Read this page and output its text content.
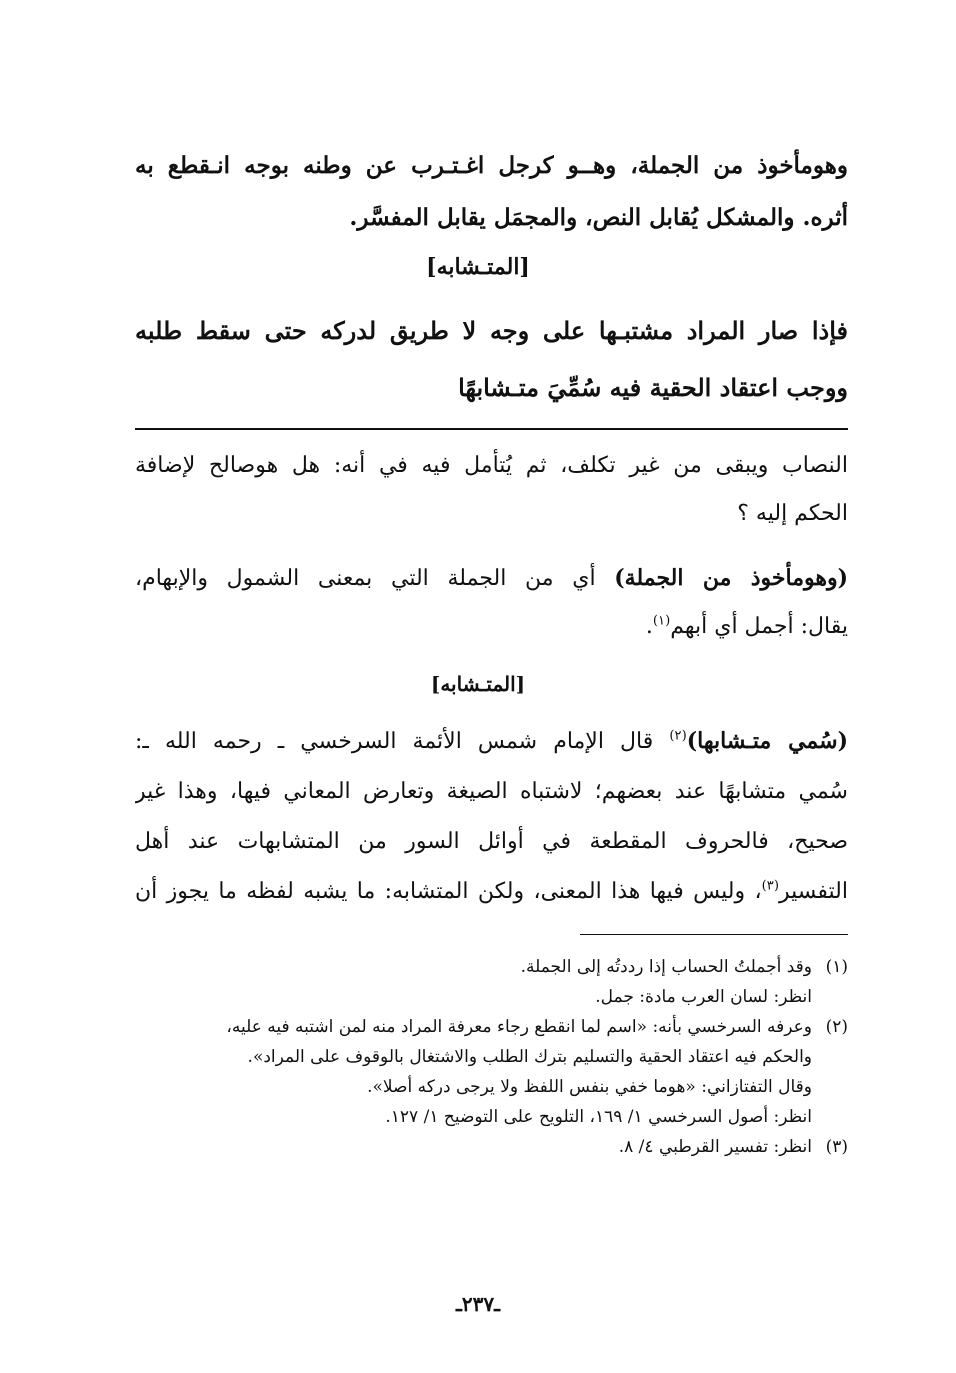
وهومأخوذ من الجملة، وهــو كرجل اغـتـرب عن وطنه بوجه انـقطع به
أثره. والمشكل يُقابل النص، والمجمَل يقابل المفسَّر.
[المتـشابه]
فإذا صار المراد مشتبـها على وجه لا طريق لدركه حتى سقط طلبه
ووجب اعتقاد الحقية فيه سُمِّيَ متـشابهًا
النصاب ويبقى من غير تكلف، ثم يُتأمل فيه في أنه: هل هوصالح لإضافة
الحكم إليه ؟
(وهومأخوذ من الجملة) أي من الجملة التي بمعنى الشمول والإبهام،
يقال: أجمل أي أبهم$^{(١)}$.
[المتـشابه]
(سُمي متـشابها)$^{(٢)}$ قال الإمام شمس الأئمة السرخسي ـ رحمه الله ـ:
سُمي متشابهًا عند بعضهم؛ لاشتباه الصيغة وتعارض المعاني فيها، وهذا غير
صحيح، فالحروف المقطعة في أوائل السور من المتشابهات عند أهل
التفسير$^{(٣)}$، وليس فيها هذا المعنى، ولكن المتشابه: ما يشبه لفظه ما يجوز أن
(١)
وقد أجملتُ الحساب إذا رددتُه إلى الجملة.
انظر: لسان العرب مادة: جمل.
(٢)
وعرفه السرخسي بأنه: «اسم لما انقطع رجاء معرفة المراد منه لمن اشتبه فيه عليه،
والحكم فيه اعتقاد الحقية والتسليم بترك الطلب والاشتغال بالوقوف على المراد».
وقال التفتازاني: «هوما خفي بنفس اللفظ ولا يرجى دركه أصلا».
انظر: أصول السرخسي ١/ ١٦٩، التلويح على التوضيح ١/ ١٢٧.
(٣)
انظر: تفسير القرطبي ٤/ ٨.
ـ٢٣٧ـ
